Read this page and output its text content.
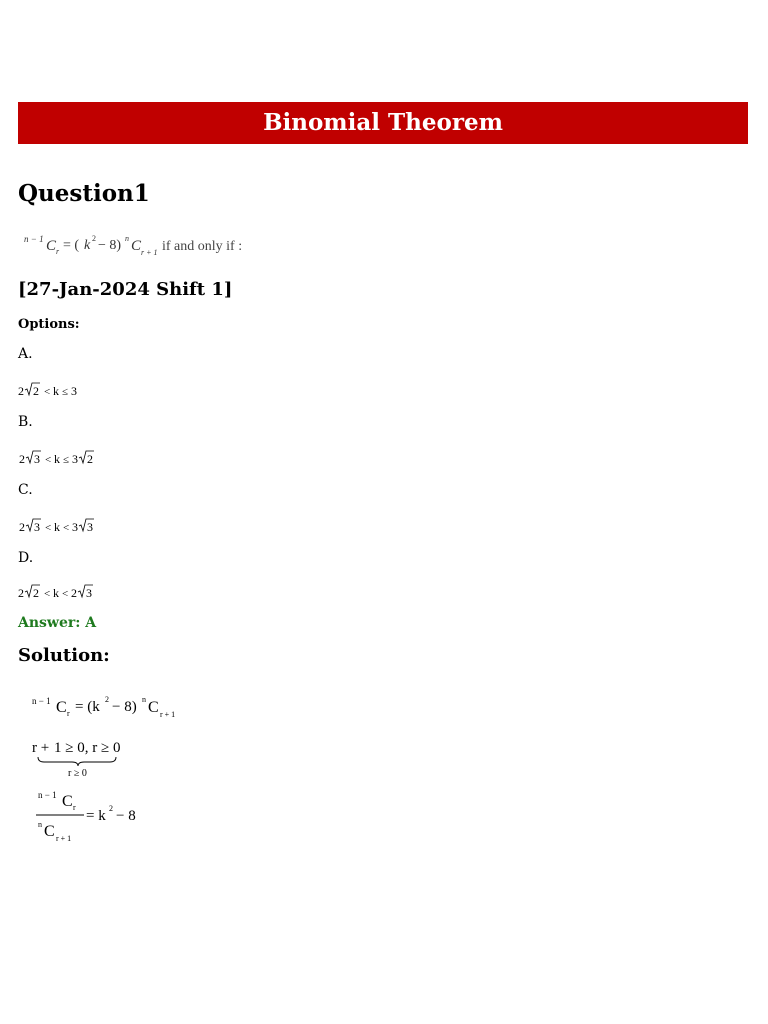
Binomial Theorem
Question1
n − 1 C r = ( k 2 − 8) n C r + 1 if and only if :
[27-Jan-2024 Shift 1]
Options:
A.
2 2 < k ≤ 3
B.
2 3 < k ≤ 3 2
C.
2 3 < k < 3 3
D.
2 2 < k < 2 3
Answer: A
Solution:
n − 1 C r = (k 2 − 8) n C r + 1
r + 1 ≥ 0, r ≥ 0
r ≥ 0
n − 1 C r
n C r + 1
= k 2 − 8
